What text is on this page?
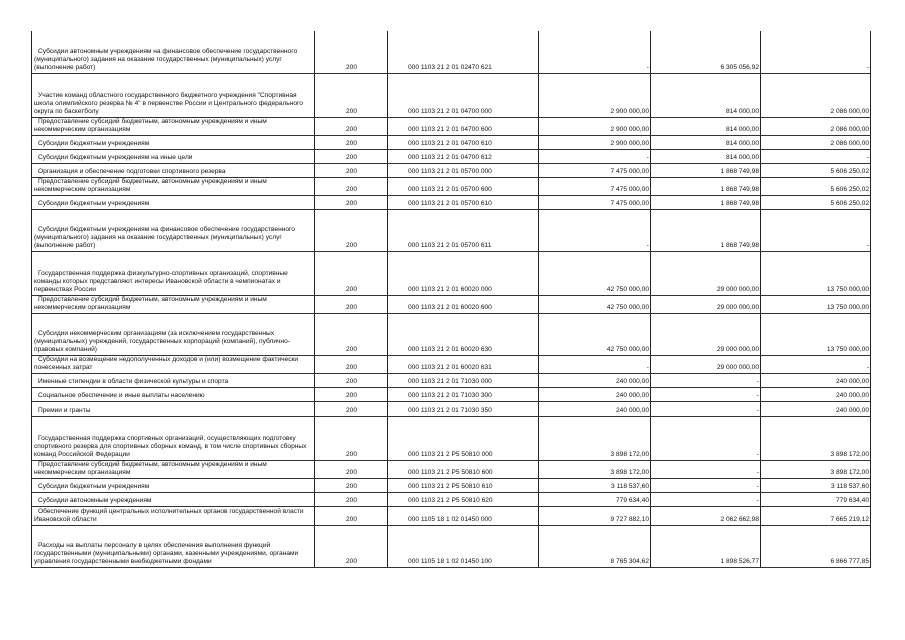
Субсидии автономным учреждениям на финансовое обеспечение государственного (муниципального) задания на оказание государственных (муниципальных) услуг (выполнение работ)	200	000 1103 21 2 01 02470 621	-	6 305 056,92	-
Участие команд областного государственного бюджетного учреждения "Спортивная школа олимпийского резерва № 4" в первенстве России и Центрального федерального округа по баскетболу	200	000 1103 21 2 01 04700 000	2 900 000,00	814 000,00	2 086 000,00
Предоставление субсидий бюджетным, автономным учреждениям и иным некоммерческим организациям	200	000 1103 21 2 01 04700 600	2 900 000,00	814 000,00	2 086 000,00
Субсидии бюджетным учреждениям	200	000 1103 21 2 01 04700 610	2 900 000,00	814 000,00	2 086 000,00
Субсидии бюджетным учреждениям на иные цели	200	000 1103 21 2 01 04700 612	-	814 000,00	-
Организация и обеспечение подготовки спортивного резерва	200	000 1103 21 2 01 05700 000	7 475 000,00	1 868 749,98	5 606 250,02
Предоставление субсидий бюджетным, автономным учреждениям и иным некоммерческим организациям	200	000 1103 21 2 01 05700 600	7 475 000,00	1 868 749,98	5 606 250,02
Субсидии бюджетным учреждениям	200	000 1103 21 2 01 05700 610	7 475 000,00	1 868 749,98	5 606 250,02
Субсидии бюджетным учреждениям на финансовое обеспечение государственного (муниципального) задания на оказание государственных (муниципальных) услуг (выполнение работ)	200	000 1103 21 2 01 05700 611	-	1 868 749,98	-
Государственная поддержка физкультурно-спортивных организаций, спортивные команды которых представляют интересы Ивановской области в чемпионатах и первенствах России	200	000 1103 21 2 01 60020 000	42 750 000,00	29 000 000,00	13 750 000,00
Предоставление субсидий бюджетным, автономным учреждениям и иным некоммерческим организациям	200	000 1103 21 2 01 60020 600	42 750 000,00	29 000 000,00	13 750 000,00
Субсидии некоммерческим организациям (за исключением государственных (муниципальных) учреждений, государственных корпораций (компаний), публично-правовых компаний)	200	000 1103 21 2 01 60020 630	42 750 000,00	29 000 000,00	13 750 000,00
Субсидии на возмещение недополученных доходов и (или) возмещение фактически понесенных затрат	200	000 1103 21 2 01 60020 631	-	29 000 000,00	-
Именные стипендии в области физической культуры и спорта	200	000 1103 21 2 01 71030 000	240 000,00	-	240 000,00
Социальное обеспечение и иные выплаты населению	200	000 1103 21 2 01 71030 300	240 000,00	-	240 000,00
Премии и гранты	200	000 1103 21 2 01 71030 350	240 000,00	-	240 000,00
Государственная поддержка спортивных организаций, осуществляющих подготовку спортивного резерва для спортивных сборных команд, в том числе спортивных сборных команд Российской Федерации	200	000 1103 21 2 P5 50810 000	3 898 172,00	-	3 898 172,00
Предоставление субсидий бюджетным, автономным учреждениям и иным некоммерческим организациям	200	000 1103 21 2 P5 50810 600	3 898 172,00	-	3 898 172,00
Субсидии бюджетным учреждениям	200	000 1103 21 2 P5 50810 610	3 118 537,60	-	3 118 537,60
Субсидии автономным учреждениям	200	000 1103 21 2 P5 50810 620	779 634,40	-	779 634,40
Обеспечение функций центральных исполнительных органов государственной власти Ивановской области	200	000 1105 18 1 02 01450 000	9 727 882,10	2 062 662,98	7 665 219,12
Расходы на выплаты персоналу в целях обеспечения выполнения функций государственными (муниципальными) органами, казенными учреждениями, органами управления государственными внебюджетными фондами	200	000 1105 18 1 02 01450 100	8 765 304,62	1 898 526,77	6 866 777,85
